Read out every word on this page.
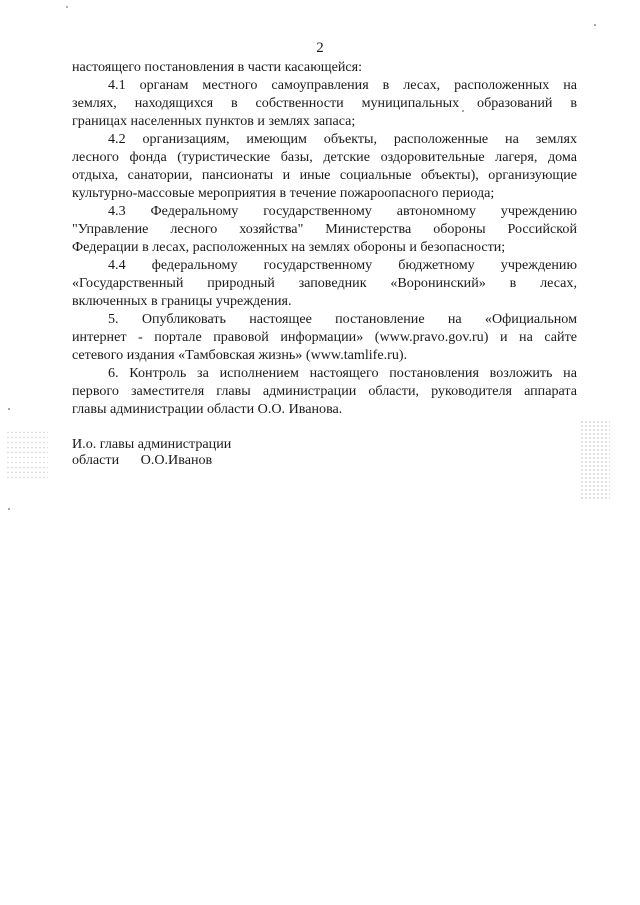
2
настоящего постановления в части касающейся:
4.1 органам местного самоуправления в лесах, расположенных на
землях, находящихся в собственности муниципальных образований в
границах населенных пунктов и землях запаса;
4.2 организациям, имеющим объекты, расположенные на землях
лесного фонда (туристические базы, детские оздоровительные лагеря, дома
отдыха, санатории, пансионаты и иные социальные объекты), организующие
культурно-массовые мероприятия в течение пожароопасного периода;
4.3 Федеральному государственному автономному учреждению
"Управление лесного хозяйства" Министерства обороны Российской
Федерации в лесах, расположенных на землях обороны и безопасности;
4.4 федеральному государственному бюджетному учреждению
«Государственный природный заповедник «Воронинский» в лесах,
включенных в границы учреждения.
5. Опубликовать настоящее постановление на «Официальном
интернет - портале правовой информации» (www.pravo.gov.ru) и на сайте
сетевого издания «Тамбовская жизнь» (www.tamlife.ru).
6. Контроль за исполнением настоящего постановления возложить на
первого заместителя главы администрации области, руководителя аппарата
главы администрации области О.О. Иванова.
И.о. главы администрации
области О.О.Иванов
